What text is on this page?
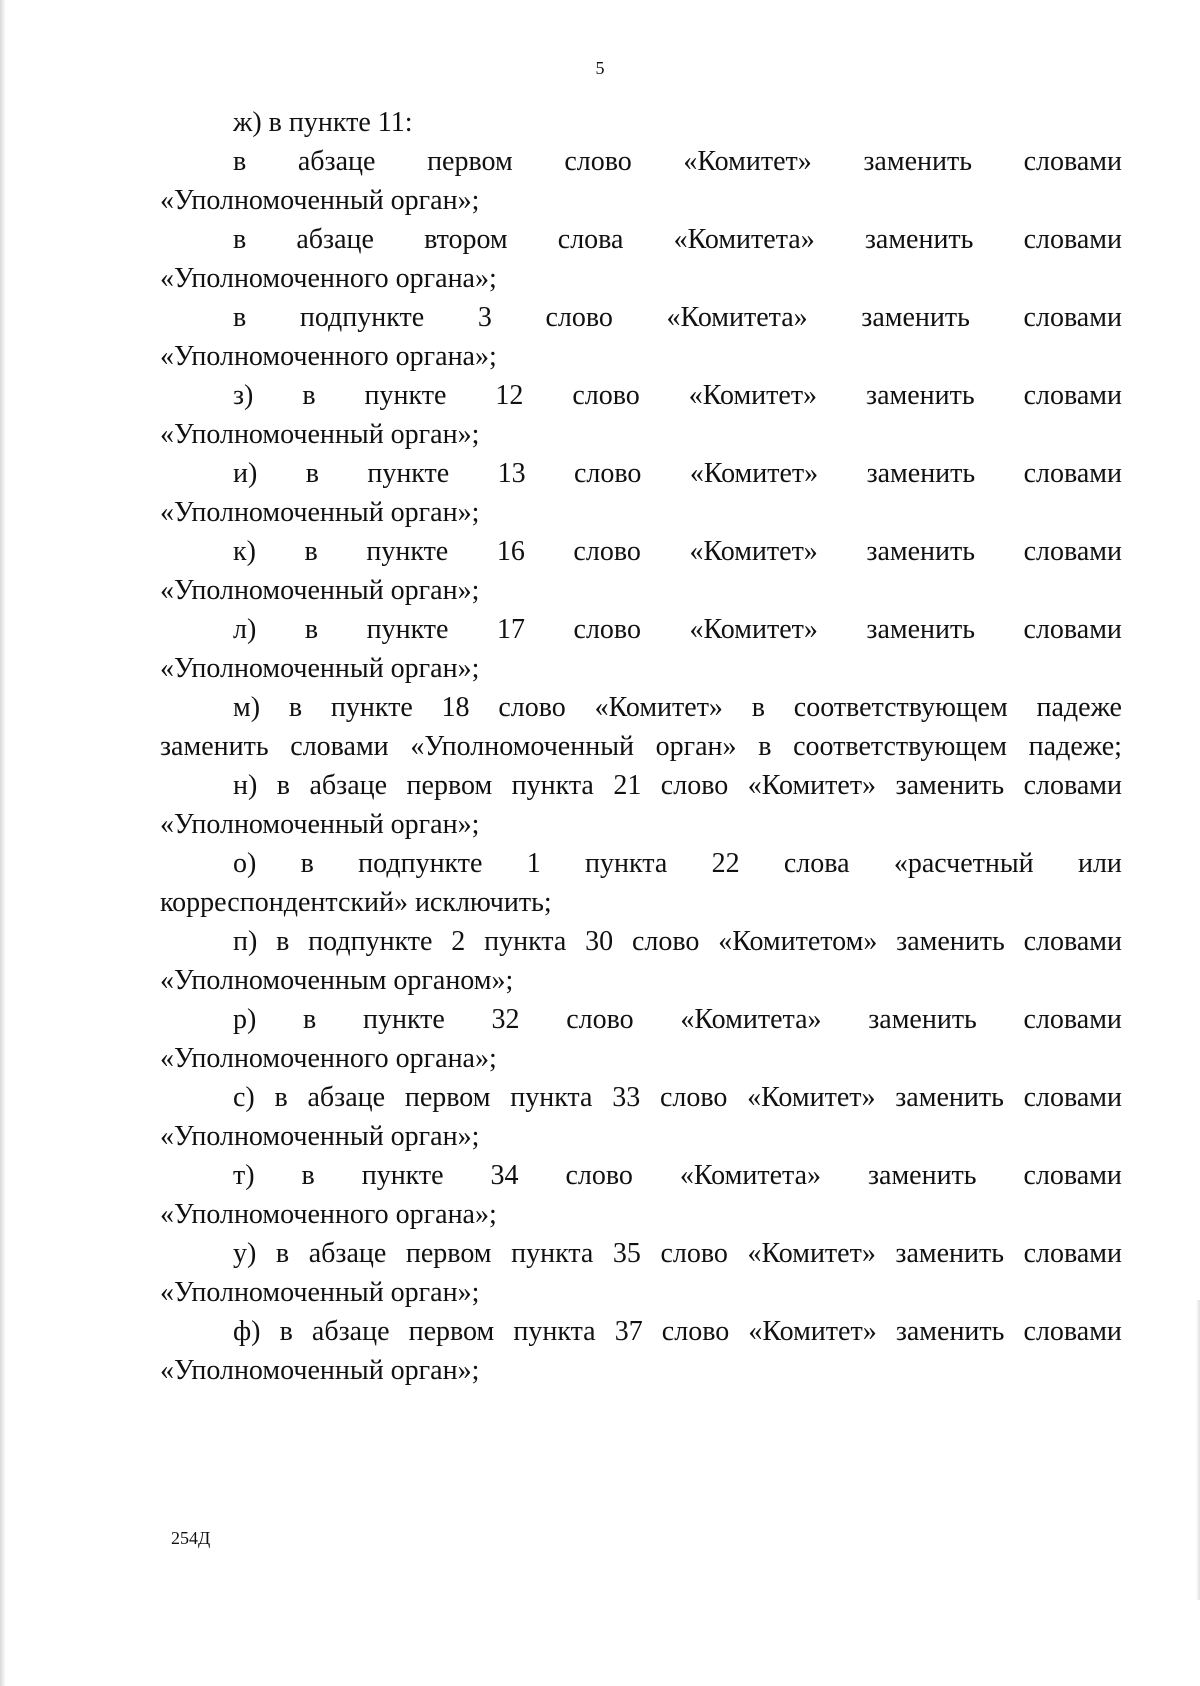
5
ж) в пункте 11:
в абзаце первом слово «Комитет» заменить словами
«Уполномоченный орган»;
в абзаце втором слова «Комитета» заменить словами
«Уполномоченного органа»;
в подпункте 3 слово «Комитета» заменить словами
«Уполномоченного органа»;
з) в пункте 12 слово «Комитет» заменить словами
«Уполномоченный орган»;
и) в пункте 13 слово «Комитет» заменить словами
«Уполномоченный орган»;
к) в пункте 16 слово «Комитет» заменить словами
«Уполномоченный орган»;
л) в пункте 17 слово «Комитет» заменить словами
«Уполномоченный орган»;
м) в пункте 18 слово «Комитет» в соответствующем падеже
заменить словами «Уполномоченный орган» в соответствующем падеже;
н) в абзаце первом пункта 21 слово «Комитет» заменить словами
«Уполномоченный орган»;
о) в подпункте 1 пункта 22 слова «расчетный или
корреспондентский» исключить;
п) в подпункте 2 пункта 30 слово «Комитетом» заменить словами
«Уполномоченным органом»;
р) в пункте 32 слово «Комитета» заменить словами
«Уполномоченного органа»;
с) в абзаце первом пункта 33 слово «Комитет» заменить словами
«Уполномоченный орган»;
т) в пункте 34 слово «Комитета» заменить словами
«Уполномоченного органа»;
у) в абзаце первом пункта 35 слово «Комитет» заменить словами
«Уполномоченный орган»;
ф) в абзаце первом пункта 37 слово «Комитет» заменить словами
«Уполномоченный орган»;
254Д
